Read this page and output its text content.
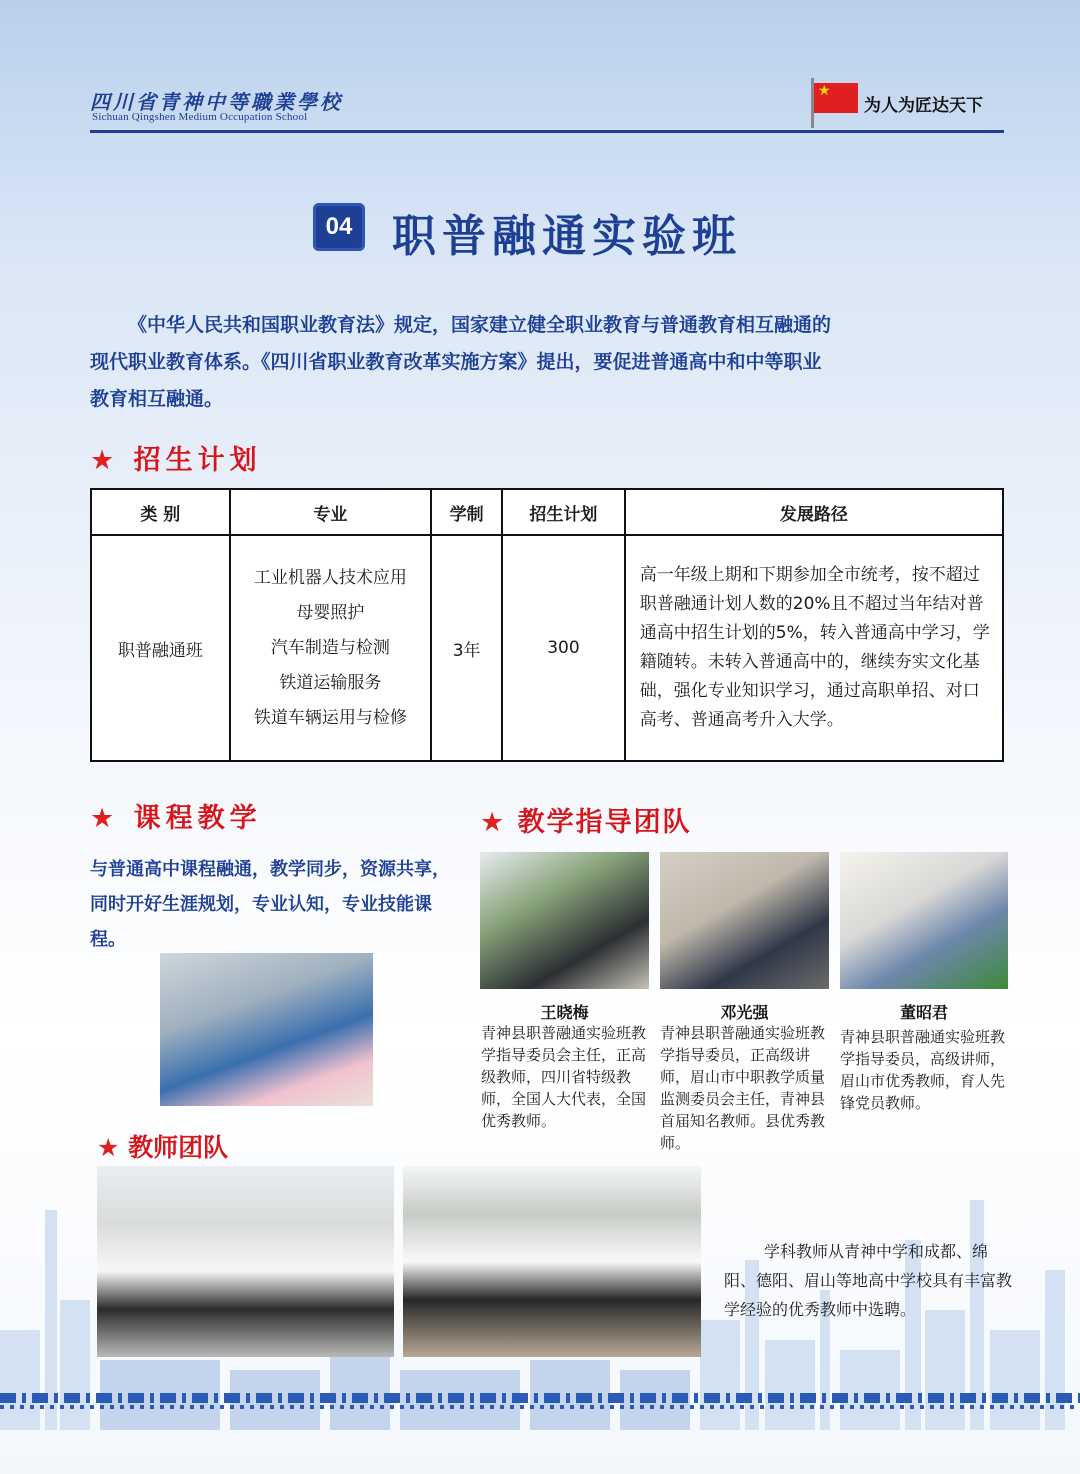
四川省青神中等職業學校
Sichuan Qingshen Medium Occupation School
★
为人为匠达天下
04 职普融通实验班

《中华人民共和国职业教育法》规定，国家建立健全职业教育与普通教育相互融通的

现代职业教育体系。《四川省职业教育改革实施方案》提出，要促进普通高中和中等职业

教育相互融通。

★ 招生计划
类 别	专业	学制	招生计划	发展路径
职普融通班	工业机器人技术应用
母婴照护
汽车制造与检测
铁道运输服务
铁道车辆运用与检修	3年	300	高一年级上期和下期参加全市统考，按不超过职普融通计划人数的20%且不超过当年结对普通高中招生计划的5%，转入普通高中学习，学籍随转。未转入普通高中的，继续夯实文化基础，强化专业知识学习，通过高职单招、对口高考、普通高考升入大学。
★ 课程教学
与普通高中课程融通，教学同步，资源共享，同时开好生涯规划，专业认知，专业技能课程。
★ 教学指导团队
王晓梅	邓光强	董昭君
青神县职普融通实验班教学指导委员会主任，正高级教师，四川省特级教师，全国人大代表，全国优秀教师。
青神县职普融通实验班教学指导委员，正高级讲师，眉山市中职教学质量监测委员会主任，青神县首届知名教师。县优秀教师。
青神县职普融通实验班教学指导委员，高级讲师，眉山市优秀教师，育人先锋党员教师。
★ 教师团队
学科教师从青神中学和成都、绵阳、德阳、眉山等地高中学校具有丰富教学经验的优秀教师中选聘。
